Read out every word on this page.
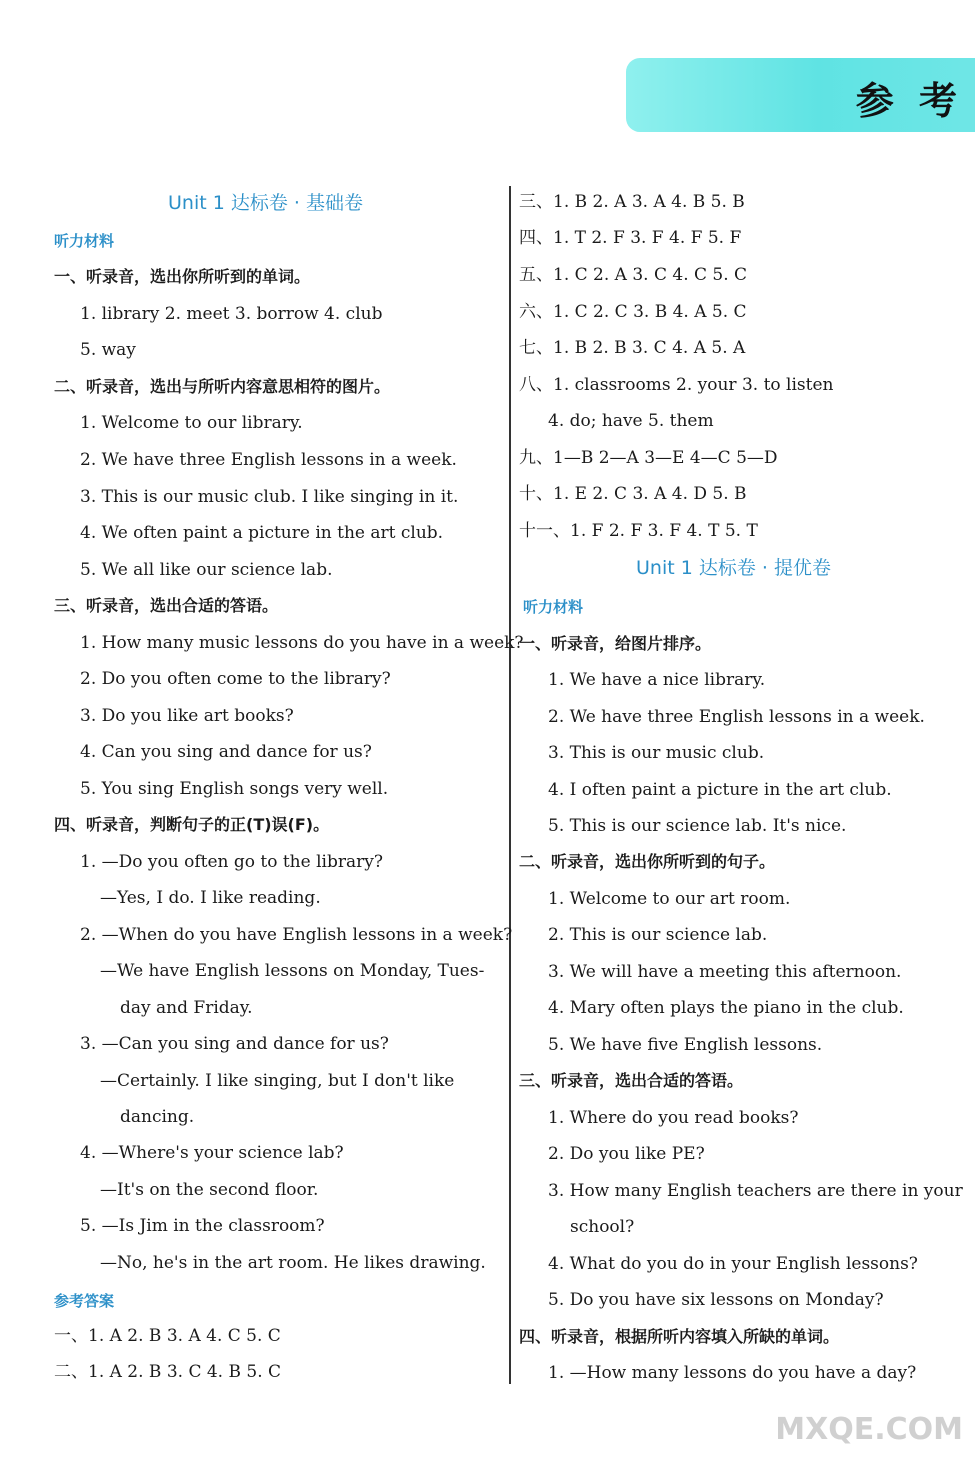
参 考
Unit 1 达标卷 · 基础卷
听力材料
一、听录音，选出你所听到的单词。
1. library 2. meet 3. borrow 4. club
5. way
二、听录音，选出与所听内容意思相符的图片。
1. Welcome to our library.
2. We have three English lessons in a week.
3. This is our music club. I like singing in it.
4. We often paint a picture in the art club.
5. We all like our science lab.
三、听录音，选出合适的答语。
1. How many music lessons do you have in a week?
2. Do you often come to the library?
3. Do you like art books?
4. Can you sing and dance for us?
5. You sing English songs very well.
四、听录音，判断句子的正(T)误(F)。
1. —Do you often go to the library?
—Yes, I do. I like reading.
2. —When do you have English lessons in a week?
—We have English lessons on Monday, Tues-
day and Friday.
3. —Can you sing and dance for us?
—Certainly. I like singing, but I don't like
dancing.
4. —Where's your science lab?
—It's on the second floor.
5. —Is Jim in the classroom?
—No, he's in the art room. He likes drawing.
参考答案
一、1. A 2. B 3. A 4. C 5. C
二、1. A 2. B 3. C 4. B 5. C
三、1. B 2. A 3. A 4. B 5. B
四、1. T 2. F 3. F 4. F 5. F
五、1. C 2. A 3. C 4. C 5. C
六、1. C 2. C 3. B 4. A 5. C
七、1. B 2. B 3. C 4. A 5. A
八、1. classrooms 2. your 3. to listen
4. do; have 5. them
九、1—B 2—A 3—E 4—C 5—D
十、1. E 2. C 3. A 4. D 5. B
十一、1. F 2. F 3. F 4. T 5. T
Unit 1 达标卷 · 提优卷
听力材料
一、听录音，给图片排序。
1. We have a nice library.
2. We have three English lessons in a week.
3. This is our music club.
4. I often paint a picture in the art club.
5. This is our science lab. It's nice.
二、听录音，选出你所听到的句子。
1. Welcome to our art room.
2. This is our science lab.
3. We will have a meeting this afternoon.
4. Mary often plays the piano in the club.
5. We have five English lessons.
三、听录音，选出合适的答语。
1. Where do you read books?
2. Do you like PE?
3. How many English teachers are there in your
school?
4. What do you do in your English lessons?
5. Do you have six lessons on Monday?
四、听录音，根据所听内容填入所缺的单词。
1. —How many lessons do you have a day?
MXQE.COM
